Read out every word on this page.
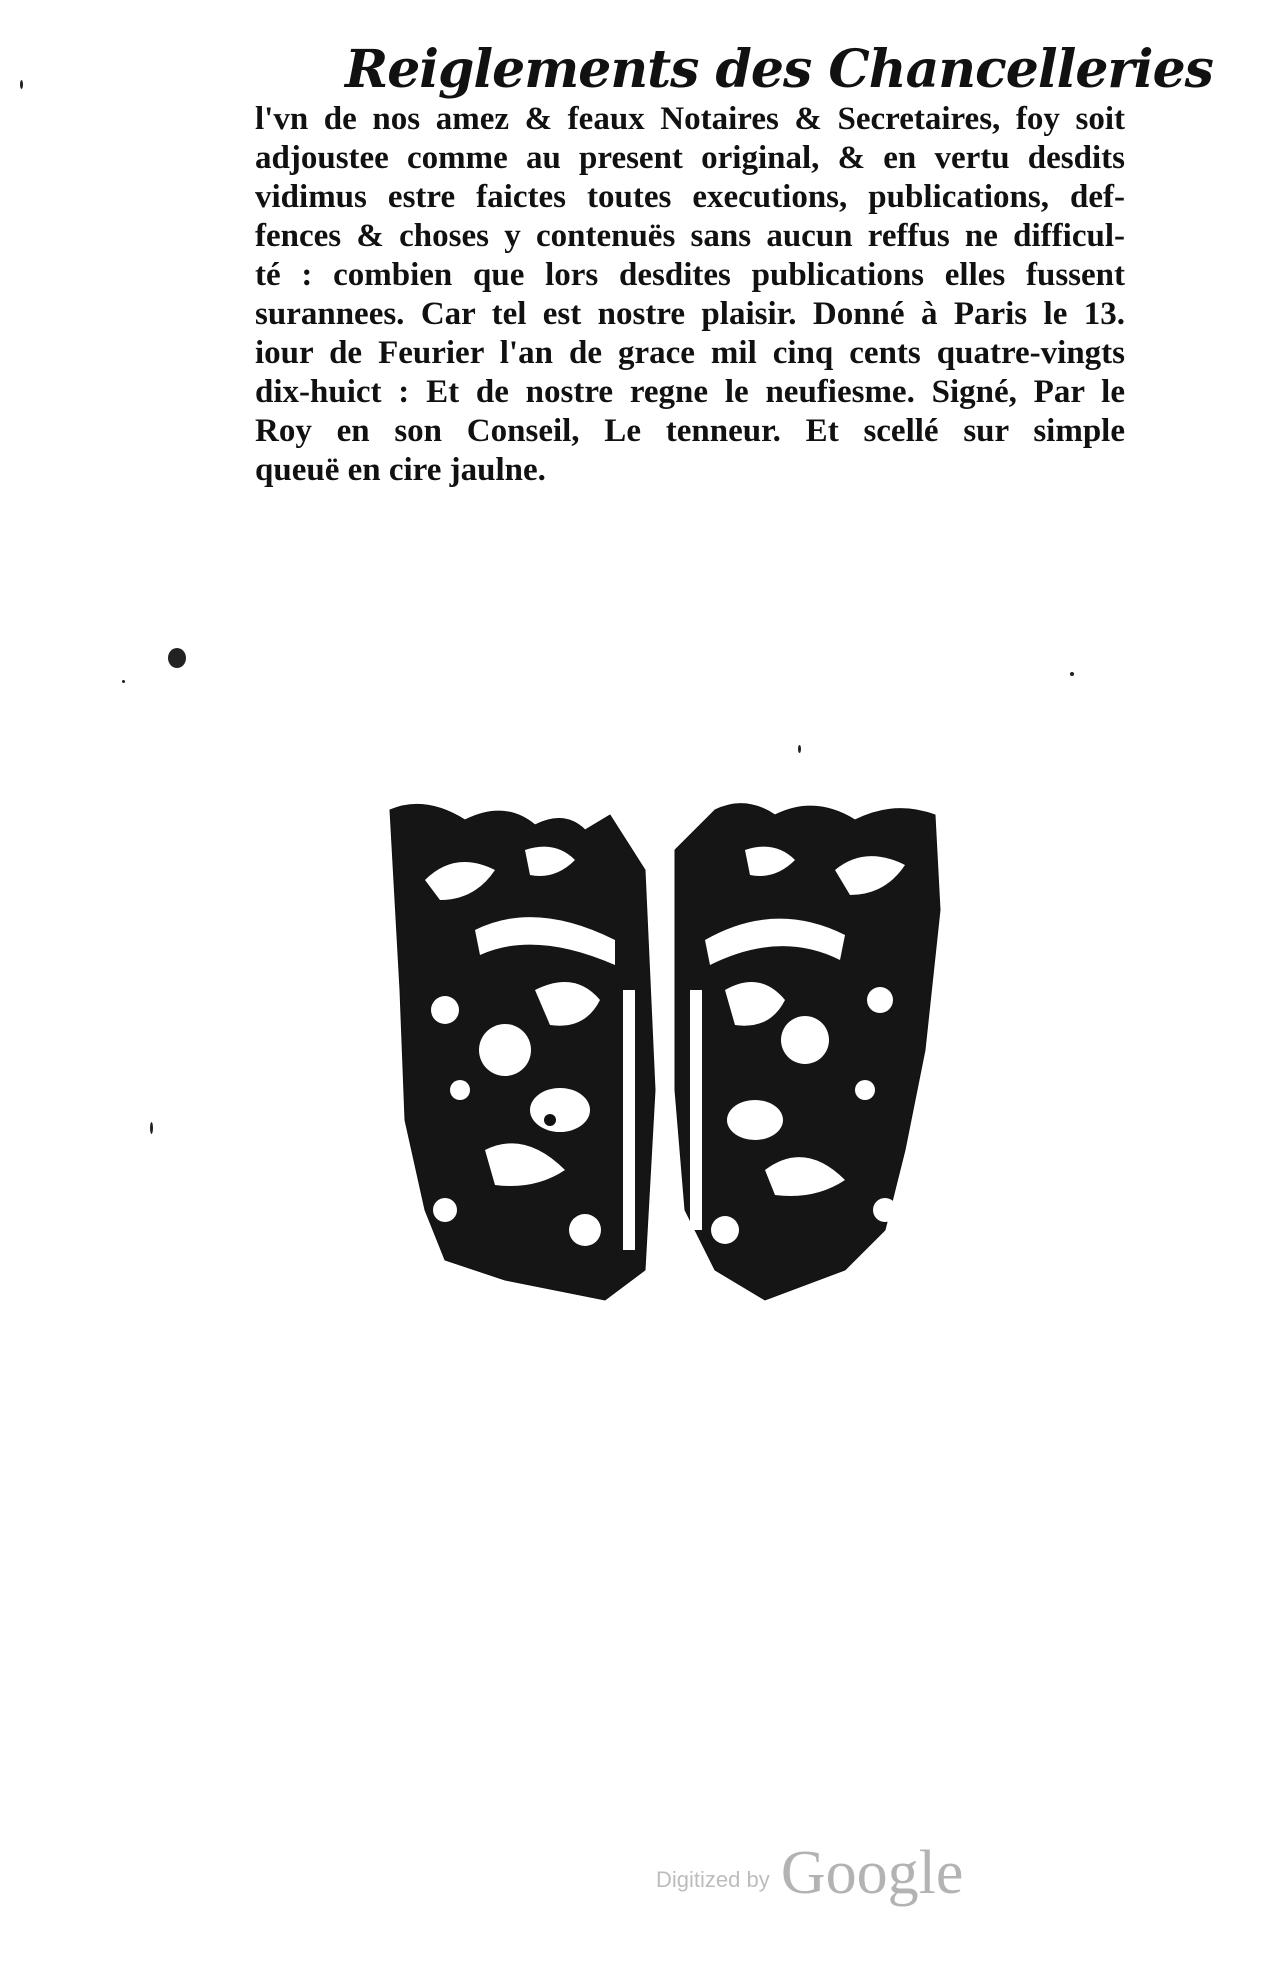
Reiglements des Chancelleries
l'vn de nos amez & feaux Notaires & Secretaires, foy soit
adjoustee comme au present original, & en vertu desdits
vidimus estre faictes toutes executions, publications, def-
fences & choses y contenuës sans aucun reffus ne difficul-
té : combien que lors desdites publications elles fussent
surannees. Car tel est nostre plaisir. Donné à Paris le 13.
iour de Feurier l'an de grace mil cinq cents quatre-vingts
dix-huict : Et de nostre regne le neufiesme. Signé, Par le
Roy en son Conseil, Le tenneur. Et scellé sur simple
queuë en cire jaulne.
Digitized by Google
